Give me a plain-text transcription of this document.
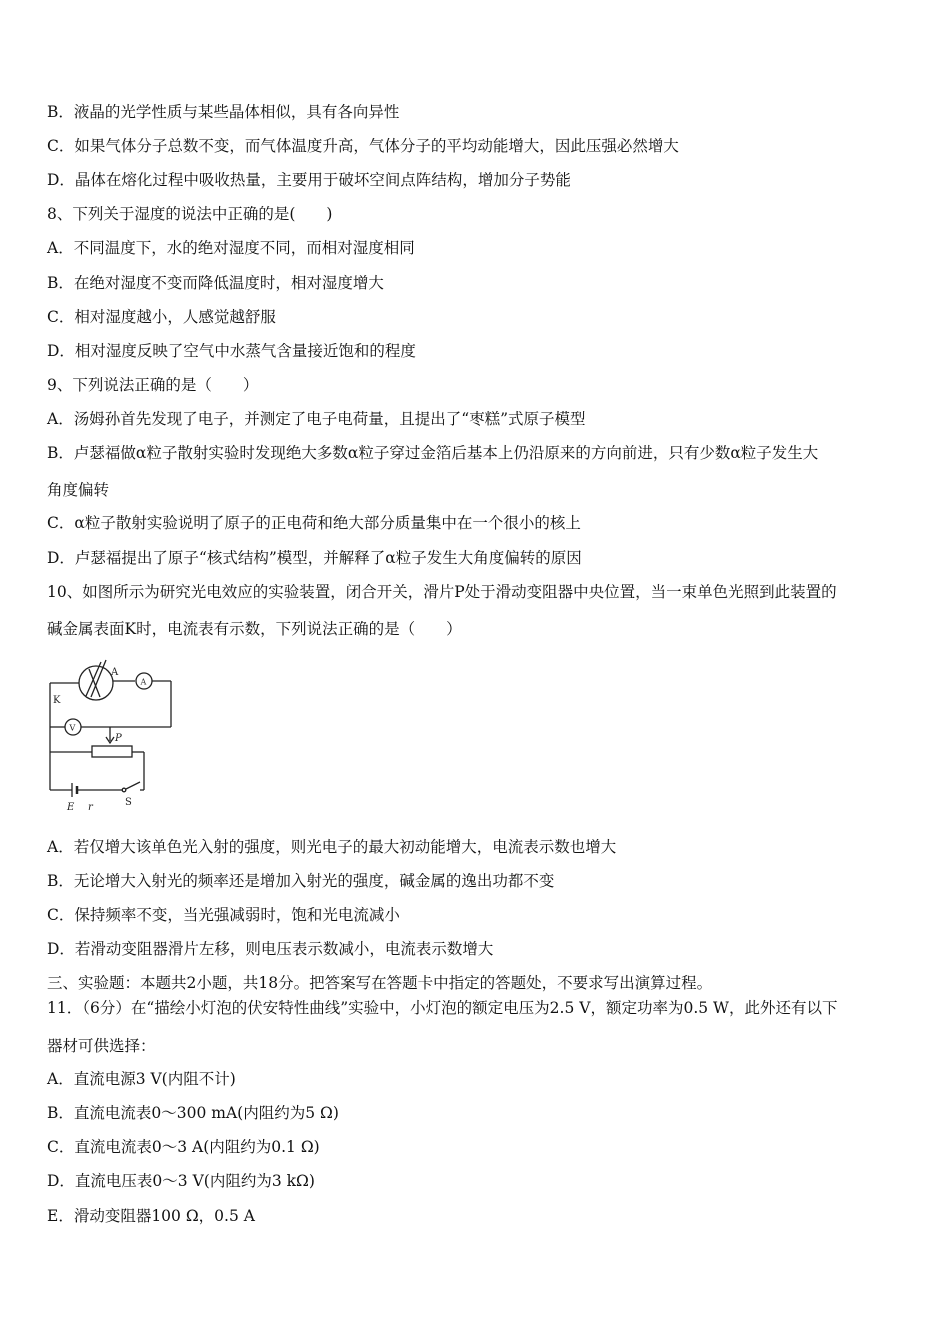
B．液晶的光学性质与某些晶体相似，具有各向异性
C．如果气体分子总数不变，而气体温度升高，气体分子的平均动能增大，因此压强必然增大
D．晶体在熔化过程中吸收热量，主要用于破坏空间点阵结构，增加分子势能
8、下列关于湿度的说法中正确的是(　　)
A．不同温度下，水的绝对湿度不同，而相对湿度相同
B．在绝对湿度不变而降低温度时，相对湿度增大
C．相对湿度越小，人感觉越舒服
D．相对湿度反映了空气中水蒸气含量接近饱和的程度
9、下列说法正确的是（　　）
A．汤姆孙首先发现了电子，并测定了电子电荷量，且提出了“枣糕”式原子模型
B．卢瑟福做α粒子散射实验时发现绝大多数α粒子穿过金箔后基本上仍沿原来的方向前进，只有少数α粒子发生大
角度偏转
C．α粒子散射实验说明了原子的正电荷和绝大部分质量集中在一个很小的核上
D．卢瑟福提出了原子“核式结构”模型，并解释了α粒子发生大角度偏转的原因
10、如图所示为研究光电效应的实验装置，闭合开关，滑片P处于滑动变阻器中央位置，当一束单色光照到此装置的
碱金属表面K时，电流表有示数，下列说法正确的是（　　）
K
A
A
V
P
E r	S
A．若仅增大该单色光入射的强度，则光电子的最大初动能增大，电流表示数也增大
B．无论增大入射光的频率还是增加入射光的强度，碱金属的逸出功都不变
C．保持频率不变，当光强减弱时，饱和光电流减小
D．若滑动变阻器滑片左移，则电压表示数减小，电流表示数增大
三、实验题：本题共2小题，共18分。把答案写在答题卡中指定的答题处，不要求写出演算过程。
11．（6分）在“描绘小灯泡的伏安特性曲线”实验中，小灯泡的额定电压为2.5 V，额定功率为0.5 W，此外还有以下
器材可供选择：
A．直流电源3 V(内阻不计)
B．直流电流表0～300 mA(内阻约为5 Ω)
C．直流电流表0～3 A(内阻约为0.1 Ω)
D．直流电压表0～3 V(内阻约为3 kΩ)
E．滑动变阻器100 Ω，0.5 A
